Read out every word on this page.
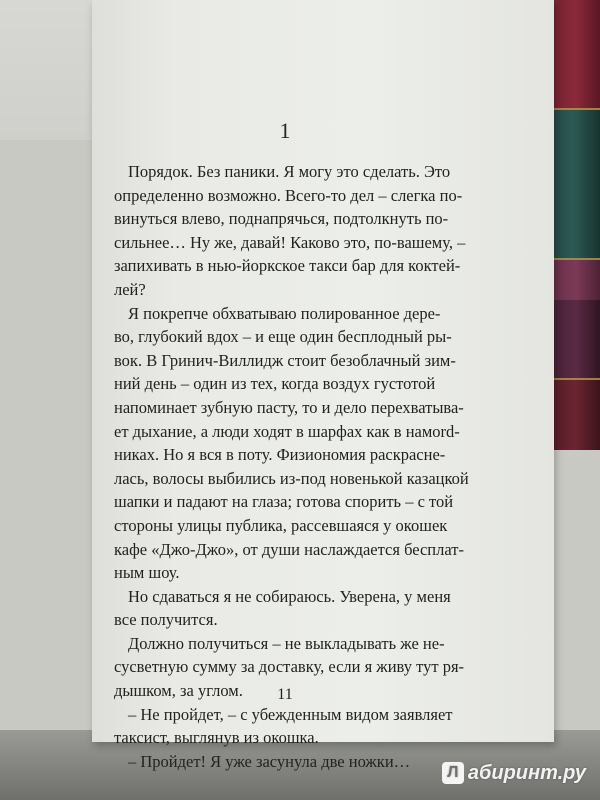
1
Порядок. Без паники. Я могу это сделать. Это
определенно возможно. Всего-то дел – слегка по-
винуться влево, поднапрячься, подтолкнуть по-
сильнее… Ну же, давай! Каково это, по-вашему, –
запихивать в нью-йоркское такси бар для коктей-
лей?
Я покрепче обхватываю полированное дере-
во, глубокий вдох – и еще один бесплодный ры-
вок. В Гринич-Виллидж стоит безоблачный зим-
ний день – один из тех, когда воздух густотой
напоминает зубную пасту, то и дело перехватыва-
ет дыхание, а люди ходят в шарфах как в намord-
никах. Но я вся в поту. Физиономия раскрасне-
лась, волосы выбились из-под новенькой казацкой
шапки и падают на глаза; готова спорить – с той
стороны улицы публика, рассевшаяся у окошек
кафе «Джо-Джо», от души наслаждается бесплат-
ным шоу.
Но сдаваться я не собираюсь. Уверена, у меня
все получится.
Должно получиться – не выкладывать же не-
сусветную сумму за доставку, если я живу тут ря-
дышком, за углом.
– Не пройдет, – с убежденным видом заявляет
таксист, выглянув из окошка.
– Пройдет! Я уже засунула две ножки…
11
Л абиринт.ру
